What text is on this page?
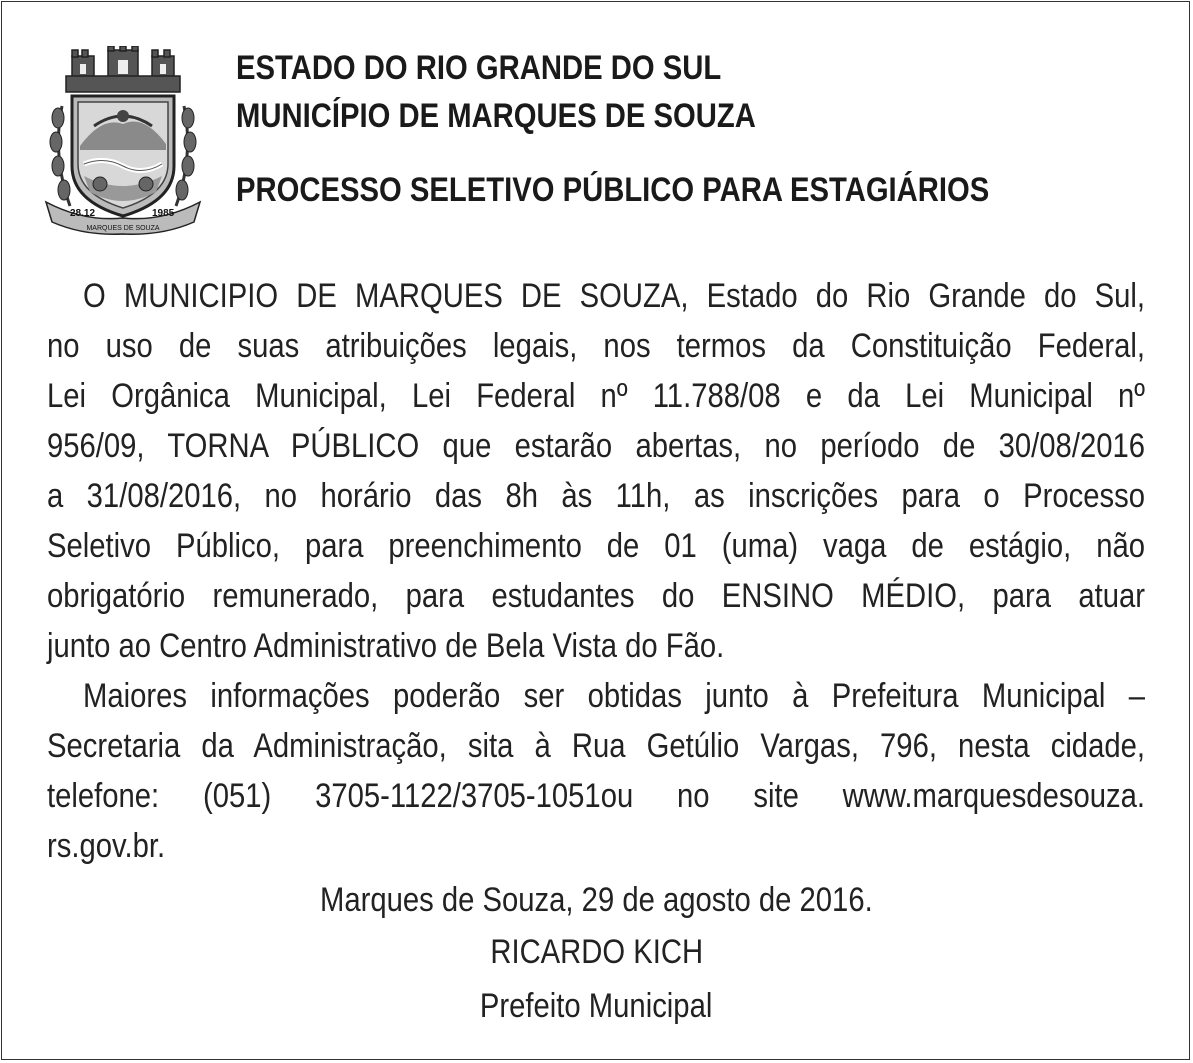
28.12	1985
MARQUES DE SOUZA
ESTADO DO RIO GRANDE DO SUL
MUNICÍPIO DE MARQUES DE SOUZA
PROCESSO SELETIVO PÚBLICO PARA ESTAGIÁRIOS
O MUNICIPIO DE MARQUES DE SOUZA, Estado do Rio Grande do Sul,
no uso de suas atribuições legais, nos termos da Constituição Federal,
Lei Orgânica Municipal, Lei Federal nº 11.788/08 e da Lei Municipal nº
956/09, TORNA PÚBLICO que estarão abertas, no período de 30/08/2016
a 31/08/2016, no horário das 8h às 11h, as inscrições para o Processo
Seletivo Público, para preenchimento de 01 (uma) vaga de estágio, não
obrigatório remunerado, para estudantes do ENSINO MÉDIO, para atuar
junto ao Centro Administrativo de Bela Vista do Fão.
Maiores informações poderão ser obtidas junto à Prefeitura Municipal –
Secretaria da Administração, sita à Rua Getúlio Vargas, 796, nesta cidade,
telefone: (051) 3705-1122/3705-1051ou no site www.marquesdesouza.
rs.gov.br.
Marques de Souza, 29 de agosto de 2016.
RICARDO KICH
Prefeito Municipal
